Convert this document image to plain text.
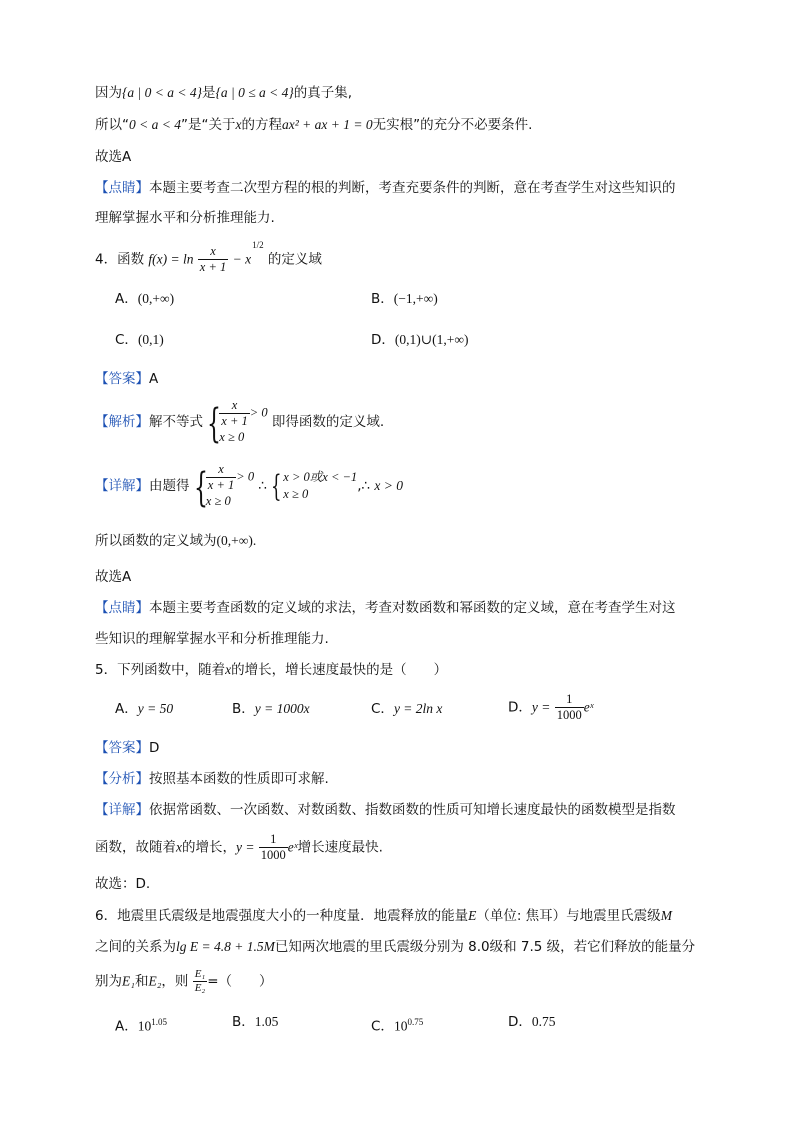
因为{a | 0 < a < 4}是{a | 0 ≤ a < 4}的真子集,
所以“0 < a < 4”是“关于x的方程ax² + ax + 1 = 0无实根”的充分不必要条件.
故选A
【点睛】本题主要考查二次型方程的根的判断，考查充要条件的判断，意在考查学生对这些知识的
理解掌握水平和分析推理能力.
4．函数 $f(x) = \ln \frac{x}{x + 1} - x^{1/2}$ 的定义域
A．(0,+∞)	B．(−1,+∞)
C．(0,1)	D．(0,1)∪(1,+∞)
【答案】A
【解析】解不等式 {
$\frac{x}{x + 1} > 0$
x ≥ 0
即得函数的定义域.
【详解】由题得 {
$\frac{x}{x + 1} > 0$
x ≥ 0
∴ { x > 0或x < −1
x ≥ 0	,∴ x > 0
所以函数的定义域为(0,+∞).
故选A
【点睛】本题主要考查函数的定义域的求法，考查对数函数和幂函数的定义域，意在考查学生对这
些知识的理解掌握水平和分析推理能力.
5．下列函数中，随着x的增长，增长速度最快的是（　　）
A．y = 50	B．y = 1000x	C．y = 2ln x	D．$y = \frac{1}{1000}$ eˣ
【答案】D
【分析】按照基本函数的性质即可求解.
【详解】依据常函数、一次函数、对数函数、指数函数的性质可知增长速度最快的函数模型是指数
函数，故随着x的增长，$y = \frac{1}{1000}$ eˣ增长速度最快.
故选：D.
6．地震里氏震级是地震强度大小的一种度量．地震释放的能量E（单位: 焦耳）与地震里氏震级M
之间的关系为lg E = 4.8 + 1.5M已知两次地震的里氏震级分别为 8.0级和 7.5 级，若它们释放的能量分
别为E₁和E₂，则 $\frac{\text{E₁}}{\text{E₂}}$ =（　　）
A．$10^{1.05}$	B．1.05	C．$10^{0.75}$	D．0.75
